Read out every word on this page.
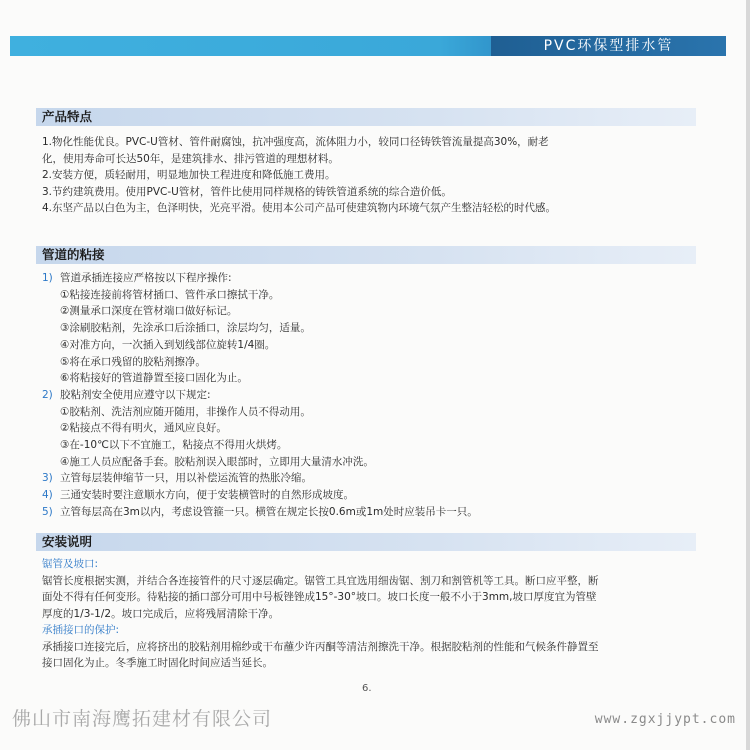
PVC环保型排水管
产品特点

1.物化性能优良。PVC-U管材、管件耐腐蚀，抗冲强度高，流体阻力小，较同口径铸铁管流量提高30%，耐老

化，使用寿命可长达50年，是建筑排水、排污管道的理想材料。

2.安装方便，质轻耐用，明显地加快工程进度和降低施工费用。

3.节约建筑费用。使用PVC-U管材，管件比使用同样规格的铸铁管道系统的综合造价低。

4.东坚产品以白色为主，色泽明快，光亮平滑。使用本公司产品可使建筑物内环境气氛产生整洁轻松的时代感。

管道的粘接
1) 管道承插连接应严格按以下程序操作:
①粘接连接前将管材插口、管件承口擦拭干净。
②测量承口深度在管材端口做好标记。
③涂刷胶粘剂，先涂承口后涂插口，涂层均匀，适量。
④对准方向，一次插入到划线部位旋转1/4圈。
⑤将在承口残留的胶粘剂擦净。
⑥将粘接好的管道静置至接口固化为止。
2) 胶粘剂安全使用应遵守以下规定:
①胶粘剂、洗洁剂应随开随用，非操作人员不得动用。
②粘接点不得有明火，通风应良好。
③在-10℃以下不宜施工，粘接点不得用火烘烤。
④施工人员应配备手套。胶粘剂误入眼部时，立即用大量清水冲洗。
3) 立管每层装伸缩节一只，用以补偿运流管的热胀冷缩。
4) 三通安装时要注意顺水方向，便于安装横管时的自然形成坡度。
5) 立管每层高在3m以内，考虑设管箍一只。横管在规定长按0.6m或1m处时应装吊卡一只。
安装说明

锯管及坡口:

锯管长度根据实测，并结合各连接管件的尺寸逐层确定。锯管工具宜选用细齿锯、割刀和割管机等工具。断口应平整，断

面处不得有任何变形。待粘接的插口部分可用中号板锉锉成15°-30°坡口。坡口长度一般不小于3mm,坡口厚度宜为管壁

厚度的1/3-1/2。坡口完成后，应将残屑清除干净。

承插接口的保护:

承插接口连接完后，应将挤出的胶粘剂用棉纱或干布蘸少许丙酮等清洁剂擦洗干净。根据胶粘剂的性能和气候条件静置至

接口固化为止。冬季施工时固化时间应适当延长。

6.
佛山市南海鹰拓建材有限公司	www.zgxjjypt.com
